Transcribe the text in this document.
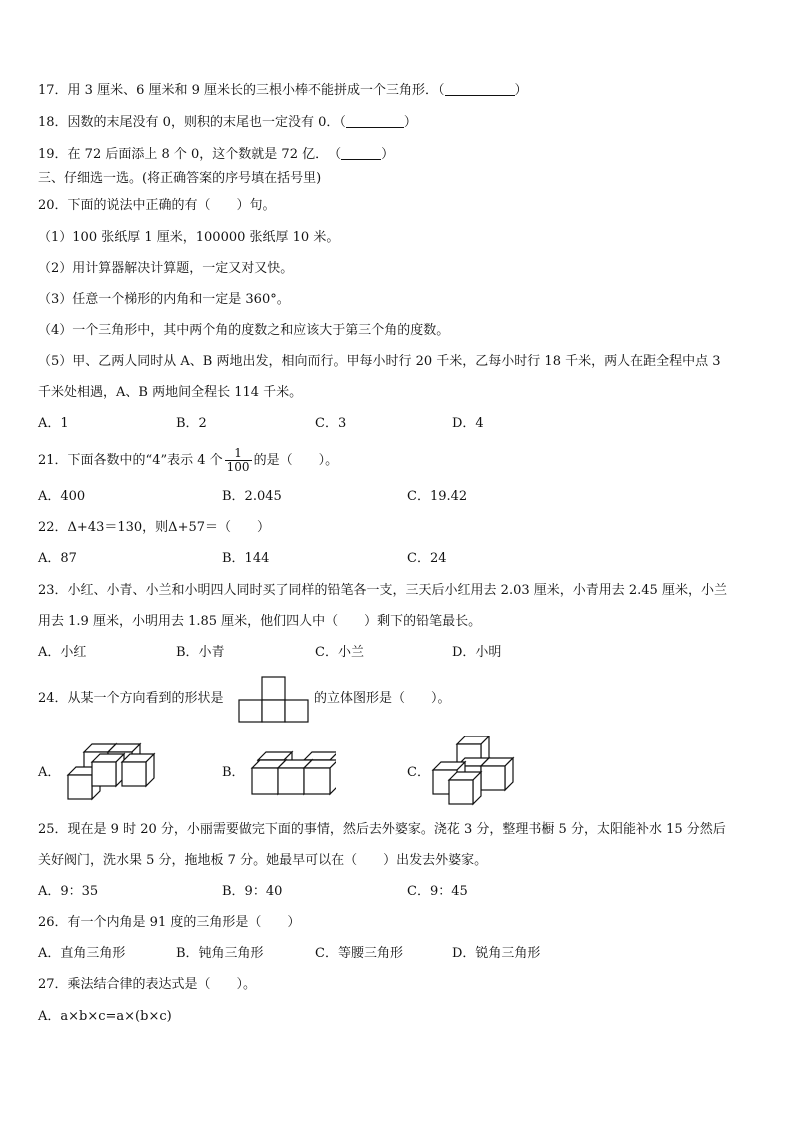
17．用 3 厘米、6 厘米和 9 厘米长的三根小棒不能拼成一个三角形．（	）
18．因数的末尾没有 0，则积的末尾也一定没有 0．（	）
19．在 72 后面添上 8 个 0，这个数就是 72 亿．　（	）
三、仔细选一选。(将正确答案的序号填在括号里)
20．下面的说法中正确的有（　　）句。
（1）100 张纸厚 1 厘米，100000 张纸厚 10 米。
（2）用计算器解决计算题，一定又对又快。
（3）任意一个梯形的内角和一定是 360°。
（4）一个三角形中，其中两个角的度数之和应该大于第三个角的度数。
（5）甲、乙两人同时从 A、B 两地出发，相向而行。甲每小时行 20 千米，乙每小时行 18 千米，两人在距全程中点 3
千米处相遇，A、B 两地间全程长 114 千米。
A．1	B．2	C．3	D．4
21．下面各数中的“4”表示 4 个 $\frac{1}{100}$ 的是（　　）。
A．400	B．2.045	C．19.42
22．Δ+43＝130，则Δ+57＝（　　）
A．87	B．144	C．24
23．小红、小青、小兰和小明四人同时买了同样的铅笔各一支，三天后小红用去 2.03 厘米，小青用去 2.45 厘米，小兰
用去 1.9 厘米，小明用去 1.85 厘米，他们四人中（　　）剩下的铅笔最长。
A．小红	B．小青	C．小兰	D．小明
24．从某一个方向看到的形状是	的立体图形是（　　）。
A．	B．	C．
25．现在是 9 时 20 分，小丽需要做完下面的事情，然后去外婆家。浇花 3 分，整理书橱 5 分，太阳能补水 15 分然后
关好阀门，洗水果 5 分，拖地板 7 分。她最早可以在（　　）出发去外婆家。
A．9：35	B．9：40	C．9：45
26．有一个内角是 91 度的三角形是（　　）
A．直角三角形	B．钝角三角形	C．等腰三角形	D．锐角三角形
27．乘法结合律的表达式是（　　）。
A．a×b×c=a×(b×c)
